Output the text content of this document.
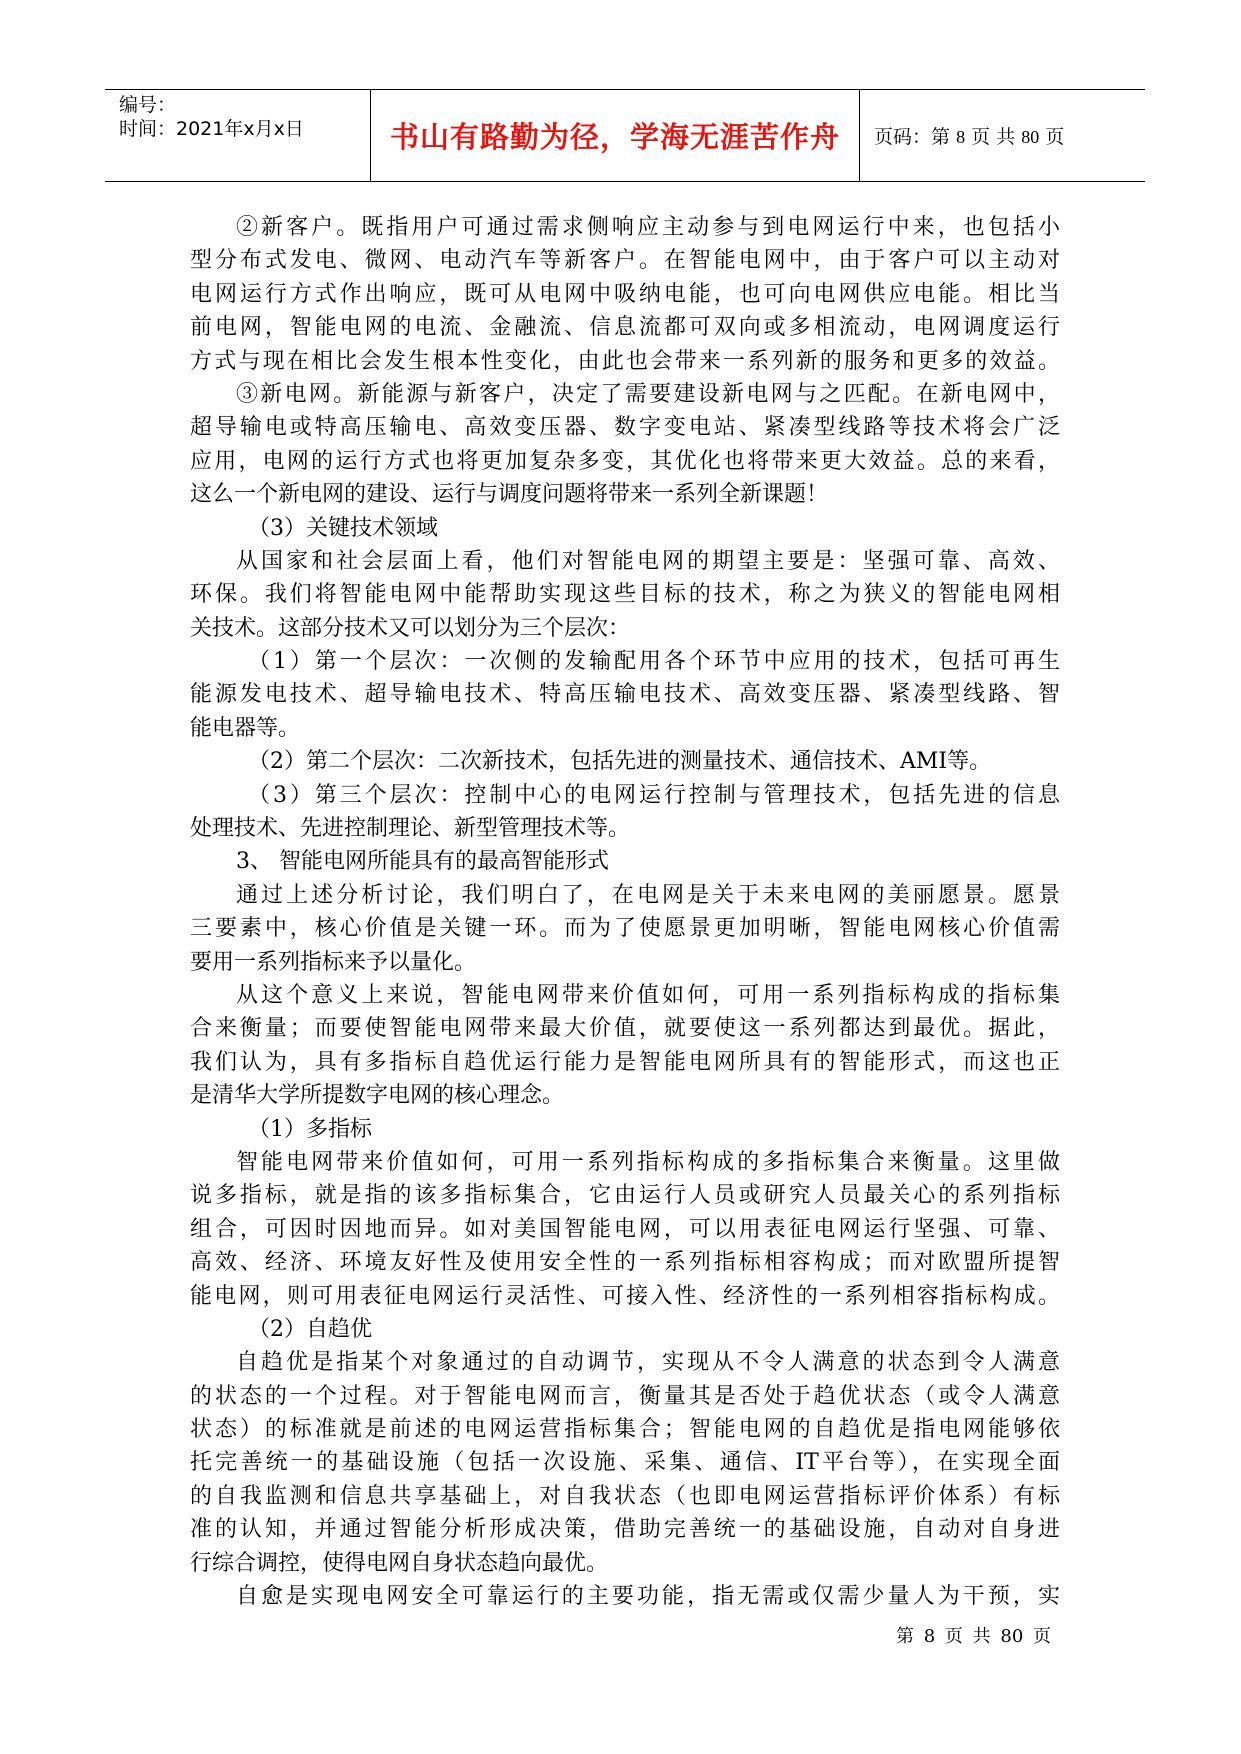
编号：
时间：2021年x月x日	书山有路勤为径，学海无涯苦作舟 页码：第 8 页 共 80 页
②新客户。既指用户可通过需求侧响应主动参与到电网运行中来，也包括小
型分布式发电、微网、电动汽车等新客户。在智能电网中，由于客户可以主动对
电网运行方式作出响应，既可从电网中吸纳电能，也可向电网供应电能。相比当
前电网，智能电网的电流、金融流、信息流都可双向或多相流动，电网调度运行
方式与现在相比会发生根本性变化，由此也会带来一系列新的服务和更多的效益。
③新电网。新能源与新客户，决定了需要建设新电网与之匹配。在新电网中，
超导输电或特高压输电、高效变压器、数字变电站、紧凑型线路等技术将会广泛
应用，电网的运行方式也将更加复杂多变，其优化也将带来更大效益。总的来看，
这么一个新电网的建设、运行与调度问题将带来一系列全新课题！
（3）关键技术领域
从国家和社会层面上看，他们对智能电网的期望主要是：坚强可靠、高效、
环保。我们将智能电网中能帮助实现这些目标的技术，称之为狭义的智能电网相
关技术。这部分技术又可以划分为三个层次：
（1）第一个层次：一次侧的发输配用各个环节中应用的技术，包括可再生
能源发电技术、超导输电技术、特高压输电技术、高效变压器、紧凑型线路、智
能电器等。
（2）第二个层次：二次新技术，包括先进的测量技术、通信技术、AMI等。
（3）第三个层次：控制中心的电网运行控制与管理技术，包括先进的信息
处理技术、先进控制理论、新型管理技术等。
3、 智能电网所能具有的最高智能形式
通过上述分析讨论，我们明白了，在电网是关于未来电网的美丽愿景。愿景
三要素中，核心价值是关键一环。而为了使愿景更加明晰，智能电网核心价值需
要用一系列指标来予以量化。
从这个意义上来说，智能电网带来价值如何，可用一系列指标构成的指标集
合来衡量；而要使智能电网带来最大价值，就要使这一系列都达到最优。据此，
我们认为，具有多指标自趋优运行能力是智能电网所具有的智能形式，而这也正
是清华大学所提数字电网的核心理念。
（1）多指标
智能电网带来价值如何，可用一系列指标构成的多指标集合来衡量。这里做
说多指标，就是指的该多指标集合，它由运行人员或研究人员最关心的系列指标
组合，可因时因地而异。如对美国智能电网，可以用表征电网运行坚强、可靠、
高效、经济、环境友好性及使用安全性的一系列指标相容构成；而对欧盟所提智
能电网，则可用表征电网运行灵活性、可接入性、经济性的一系列相容指标构成。
（2）自趋优
自趋优是指某个对象通过的自动调节，实现从不令人满意的状态到令人满意
的状态的一个过程。对于智能电网而言，衡量其是否处于趋优状态（或令人满意
状态）的标准就是前述的电网运营指标集合；智能电网的自趋优是指电网能够依
托完善统一的基础设施（包括一次设施、采集、通信、IT平台等），在实现全面
的自我监测和信息共享基础上，对自我状态（也即电网运营指标评价体系）有标
准的认知，并通过智能分析形成决策，借助完善统一的基础设施，自动对自身进
行综合调控，使得电网自身状态趋向最优。
自愈是实现电网安全可靠运行的主要功能，指无需或仅需少量人为干预，实
第 8 页 共 80 页
